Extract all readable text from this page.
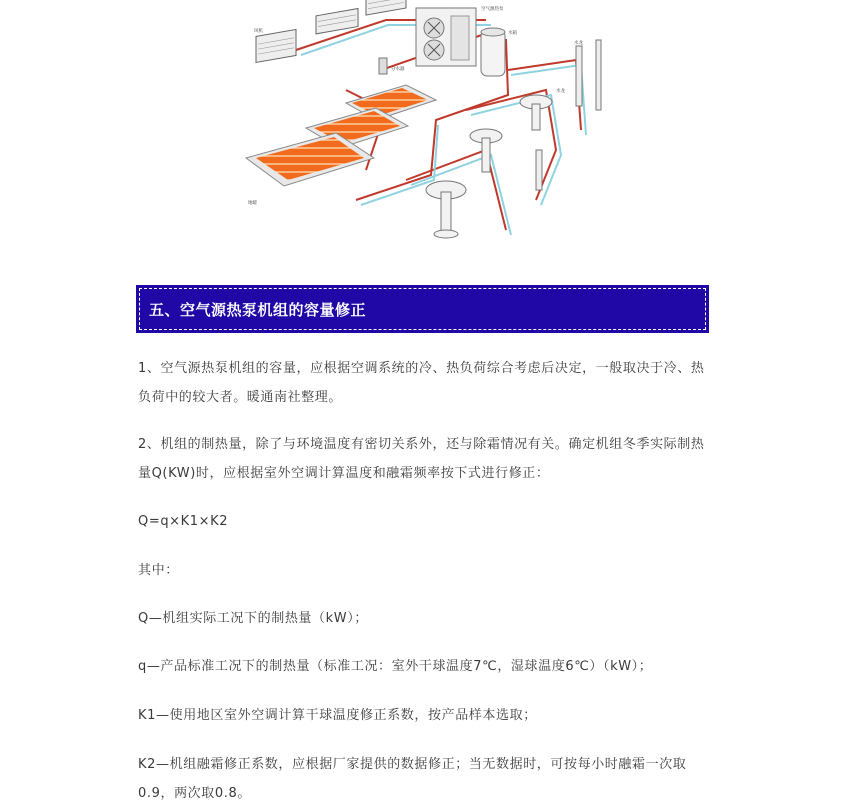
风机
空气源热泵
水箱
分水器
水龙
水龙
地暖
五、空气源热泵机组的容量修正

1、空气源热泵机组的容量，应根据空调系统的冷、热负荷综合考虑后决定，一般取决于冷、热负荷中的较大者。暖通南社整理。

2、机组的制热量，除了与环境温度有密切关系外，还与除霜情况有关。确定机组冬季实际制热量Q(KW)时，应根据室外空调计算温度和融霜频率按下式进行修正：

Q=q×K1×K2

其中：

Q—机组实际工况下的制热量（kW）；

q—产品标准工况下的制热量（标准工况：室外干球温度7℃，湿球温度6℃）（kW）；

K1—使用地区室外空调计算干球温度修正系数，按产品样本选取；

K2—机组融霜修正系数，应根据厂家提供的数据修正；当无数据时，可按每小时融霜一次取0.9，两次取0.8。
